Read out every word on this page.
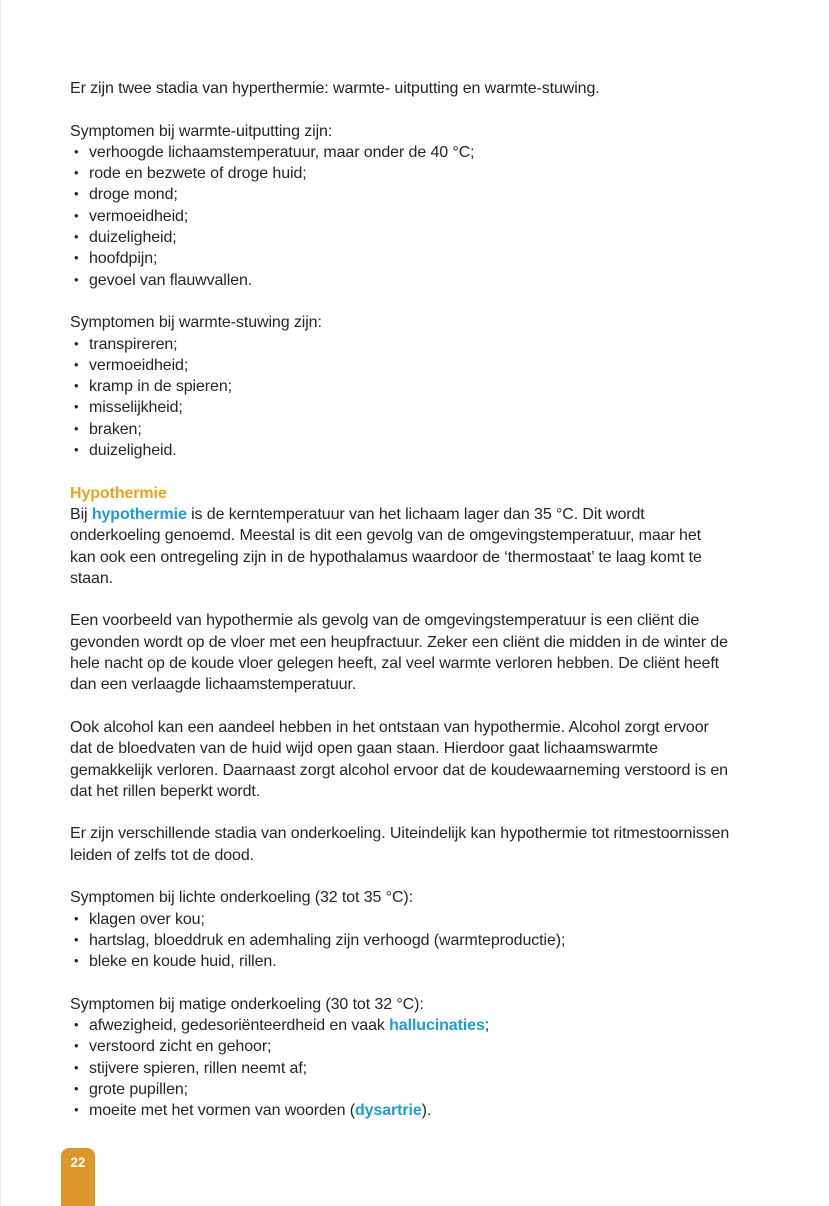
Er zijn twee stadia van hyperthermie: warmte- uitputting en warmte-stuwing.

Symptomen bij warmte-uitputting zijn:

• verhoogde lichaamstemperatuur, maar onder de 40 °C;
• rode en bezwete of droge huid;
• droge mond;
• vermoeidheid;
• duizeligheid;
• hoofdpijn;
• gevoel van flauwvallen.

Symptomen bij warmte-stuwing zijn:

• transpireren;
• vermoeidheid;
• kramp in de spieren;
• misselijkheid;
• braken;
• duizeligheid.

Hypothermie

Bij hypothermie is de kerntemperatuur van het lichaam lager dan 35 °C. Dit wordt onderkoeling genoemd. Meestal is dit een gevolg van de omgevingstemperatuur, maar het kan ook een ontregeling zijn in de hypothalamus waardoor de ‘thermostaat’ te laag komt te staan.

Een voorbeeld van hypothermie als gevolg van de omgevingstemperatuur is een cliënt die gevonden wordt op de vloer met een heupfractuur. Zeker een cliënt die midden in de winter de hele nacht op de koude vloer gelegen heeft, zal veel warmte verloren hebben. De cliënt heeft dan een verlaagde lichaamstemperatuur.

Ook alcohol kan een aandeel hebben in het ontstaan van hypothermie. Alcohol zorgt ervoor dat de bloedvaten van de huid wijd open gaan staan. Hierdoor gaat lichaamswarmte gemakkelijk verloren. Daarnaast zorgt alcohol ervoor dat de koudewaarneming verstoord is en dat het rillen beperkt wordt.

Er zijn verschillende stadia van onderkoeling. Uiteindelijk kan hypothermie tot ritmestoornissen leiden of zelfs tot de dood.

Symptomen bij lichte onderkoeling (32 tot 35 °C):

• klagen over kou;
• hartslag, bloeddruk en ademhaling zijn verhoogd (warmteproductie);
• bleke en koude huid, rillen.

Symptomen bij matige onderkoeling (30 tot 32 °C):

• afwezigheid, gedesoriënteerdheid en vaak hallucinaties;
• verstoord zicht en gehoor;
• stijvere spieren, rillen neemt af;
• grote pupillen;
• moeite met het vormen van woorden (dysartrie).
22
